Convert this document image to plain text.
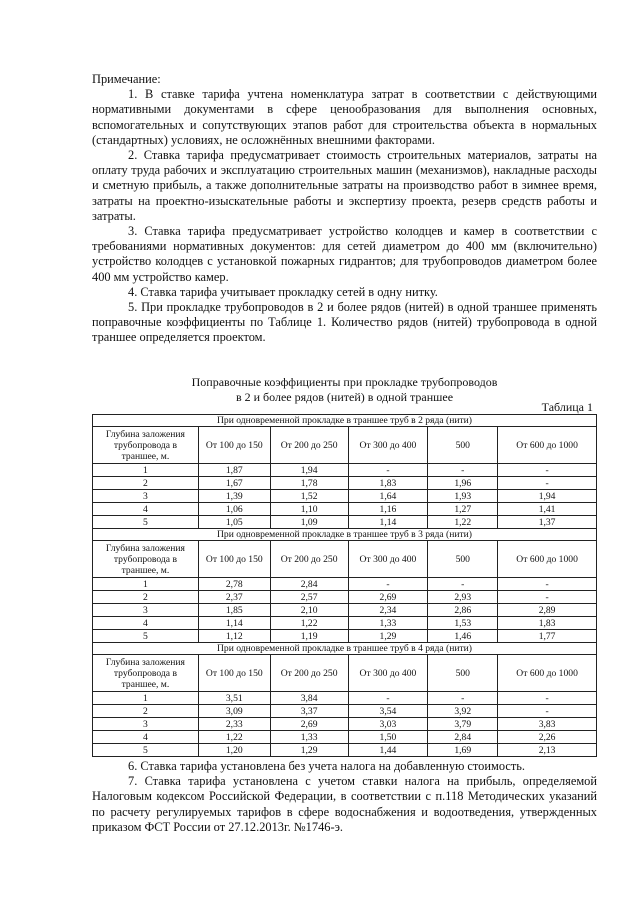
Примечание:

1. В ставке тарифа учтена номенклатура затрат в соответствии с действующими нормативными документами в сфере ценообразования для выполнения основных, вспомогательных и сопутствующих этапов работ для строительства объекта в нормальных (стандартных) условиях, не осложнённых внешними факторами.

2. Ставка тарифа предусматривает стоимость строительных материалов, затраты на оплату труда рабочих и эксплуатацию строительных машин (механизмов), накладные расходы и сметную прибыль, а также дополнительные затраты на производство работ в зимнее время, затраты на проектно-изыскательные работы и экспертизу проекта, резерв средств работы и затраты.

3. Ставка тарифа предусматривает устройство колодцев и камер в соответствии с требованиями нормативных документов: для сетей диаметром до 400 мм (включительно) устройство колодцев с установкой пожарных гидрантов; для трубопроводов диаметром более 400 мм устройство камер.

4. Ставка тарифа учитывает прокладку сетей в одну нитку.

5. При прокладке трубопроводов в 2 и более рядов (нитей) в одной траншее применять поправочные коэффициенты по Таблице 1. Количество рядов (нитей) трубопровода в одной траншее определяется проектом.

Поправочные коэффициенты при прокладке трубопроводов
в 2 и более рядов (нитей) в одной траншее
Таблица 1
При одновременной прокладке в траншее труб в 2 ряда (нити)					
Глубина заложения трубопровода в траншее, м.	От 100 до 150	От 200 до 250	От 300 до 400	500	От 600 до 1000
1	1,87	1,94	-	-	-
2	1,67	1,78	1,83	1,96	-
3	1,39	1,52	1,64	1,93	1,94
4	1,06	1,10	1,16	1,27	1,41
5	1,05	1,09	1,14	1,22	1,37
При одновременной прокладке в траншее труб в 3 ряда (нити)					
Глубина заложения трубопровода в траншее, м.	От 100 до 150	От 200 до 250	От 300 до 400	500	От 600 до 1000
1	2,78	2,84	-	-	-
2	2,37	2,57	2,69	2,93	-
3	1,85	2,10	2,34	2,86	2,89
4	1,14	1,22	1,33	1,53	1,83
5	1,12	1,19	1,29	1,46	1,77
При одновременной прокладке в траншее труб в 4 ряда (нити)					
Глубина заложения трубопровода в траншее, м.	От 100 до 150	От 200 до 250	От 300 до 400	500	От 600 до 1000
1	3,51	3,84	-	-	-
2	3,09	3,37	3,54	3,92	-
3	2,33	2,69	3,03	3,79	3,83
4	1,22	1,33	1,50	2,84	2,26
5	1,20	1,29	1,44	1,69	2,13

6. Ставка тарифа установлена без учета налога на добавленную стоимость.

7. Ставка тарифа установлена с учетом ставки налога на прибыль, определяемой Налоговым кодексом Российской Федерации, в соответствии с п.118 Методических указаний по расчету регулируемых тарифов в сфере водоснабжения и водоотведения, утвержденных приказом ФСТ России от 27.12.2013г. №1746-э.
